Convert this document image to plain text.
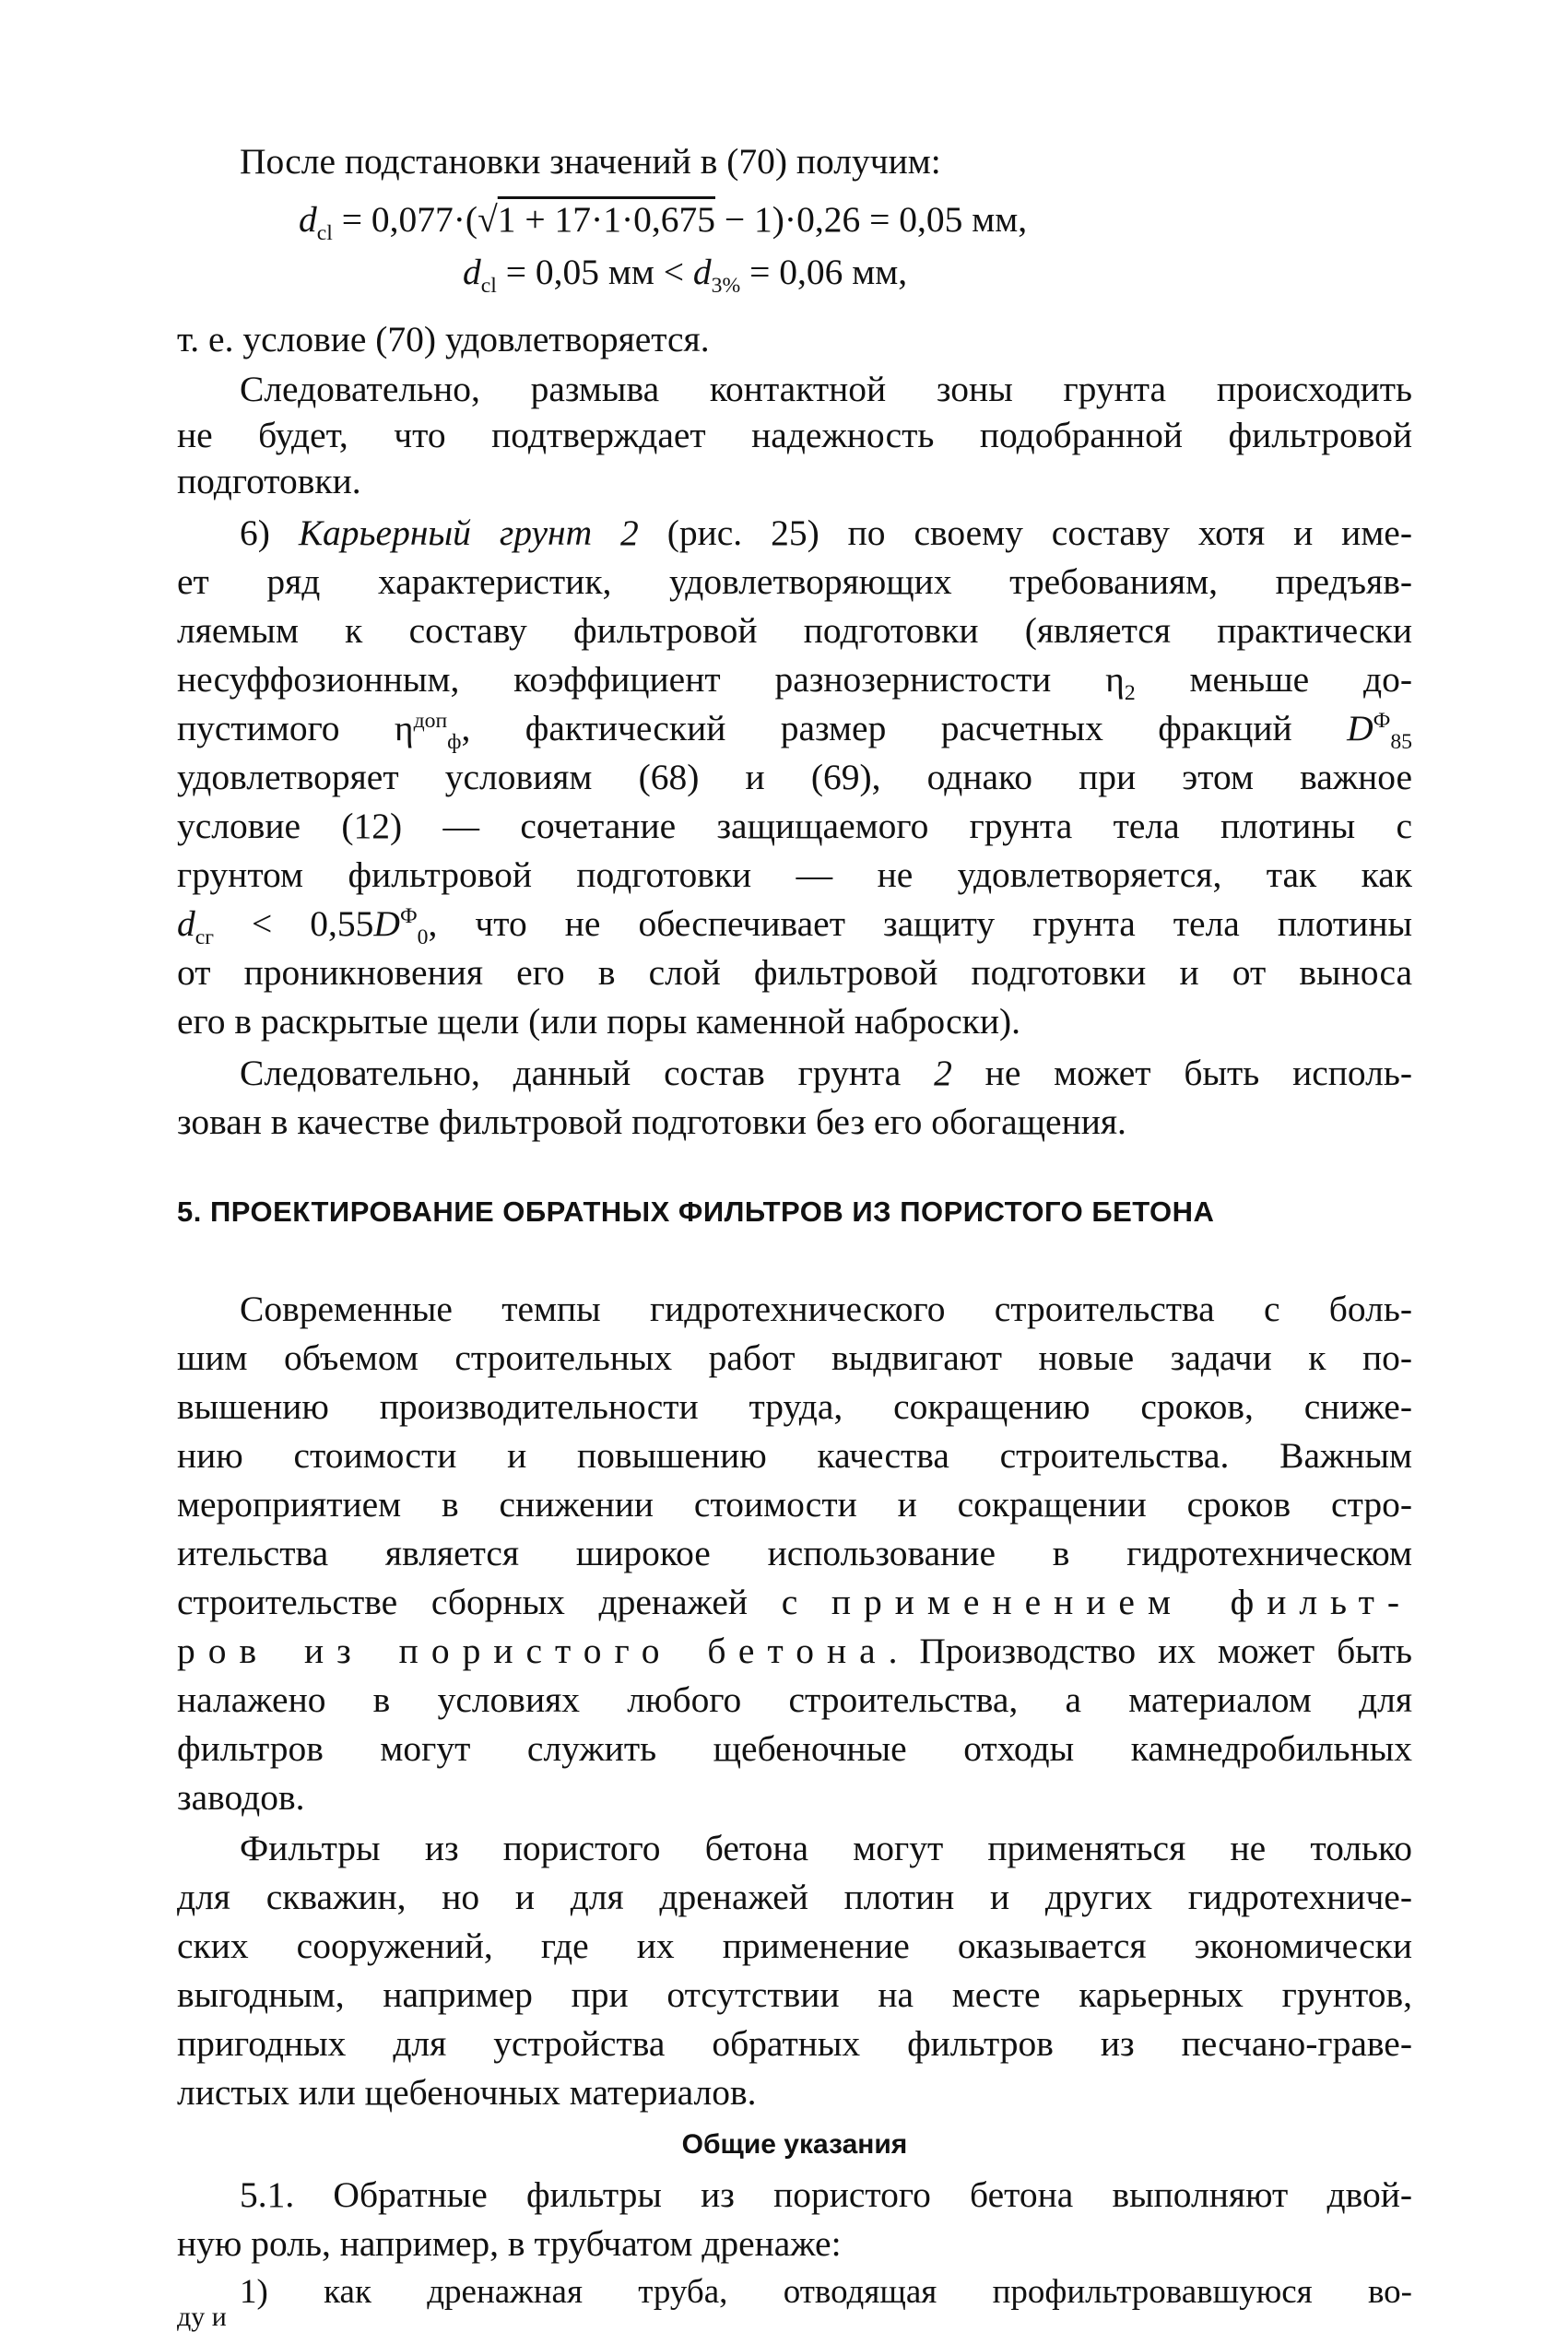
После подстановки значений в (70) получим:
$d_{cl} = 0,077\cdot(√1 + 17\cdot 1\cdot 0,675 - 1)\cdot 0,26 = 0,05$ мм,
$d_{cl} = 0,05$ мм < $d_{3\%} = 0,06$ мм,
т. е. условие (70) удовлетворяется.
Следовательно, размыва контактной зоны грунта происходить
не будет, что подтверждает надежность подобранной фильтровой
подготовки.
6) Карьерный грунт 2 (рис. 25) по своему составу хотя и име-
ет ряд характеристик, удовлетворяющих требованиям, предъяв-
ляемым к составу фильтровой подготовки (является практически
несуффозионным, коэффициент разнозернистости $\eta_2$ меньше до-
пустимого $\eta^{доп}_ф$, фактический размер расчетных фракций $D^Ф_{85}$
удовлетворяет условиям (68) и (69), однако при этом важное
условие (12) — сочетание защищаемого грунта тела плотины с
грунтом фильтровой подготовки — не удовлетворяется, так как
$d_{сг} < 0,55D^Ф_0$, что не обеспечивает защиту грунта тела плотины
от проникновения его в слой фильтровой подготовки и от выноса
его в раскрытые щели (или поры каменной наброски).
Следовательно, данный состав грунта 2 не может быть исполь-
зован в качестве фильтровой подготовки без его обогащения.
5. ПРОЕКТИРОВАНИЕ ОБРАТНЫХ ФИЛЬТРОВ ИЗ ПОРИСТОГО БЕТОНА
Современные темпы гидротехнического строительства с боль-
шим объемом строительных работ выдвигают новые задачи к по-
вышению производительности труда, сокращению сроков, сниже-
нию стоимости и повышению качества строительства. Важным
мероприятием в снижении стоимости и сокращении сроков стро-
ительства является широкое использование в гидротехническом
строительстве сборных дренажей с применением фильт-
ров из пористого бетона. Производство их может быть
налажено в условиях любого строительства, а материалом для
фильтров могут служить щебеночные отходы камнедробильных
заводов.
Фильтры из пористого бетона могут применяться не только
для скважин, но и для дренажей плотин и других гидротехниче-
ских сооружений, где их применение оказывается экономически
выгодным, например при отсутствии на месте карьерных грунтов,
пригодных для устройства обратных фильтров из песчано-граве-
листых или щебеночных материалов.
Общие указания
5.1. Обратные фильтры из пористого бетона выполняют двой-
ную роль, например, в трубчатом дренаже:
1) как дренажная труба, отводящая профильтровавшуюся во-
ду и
